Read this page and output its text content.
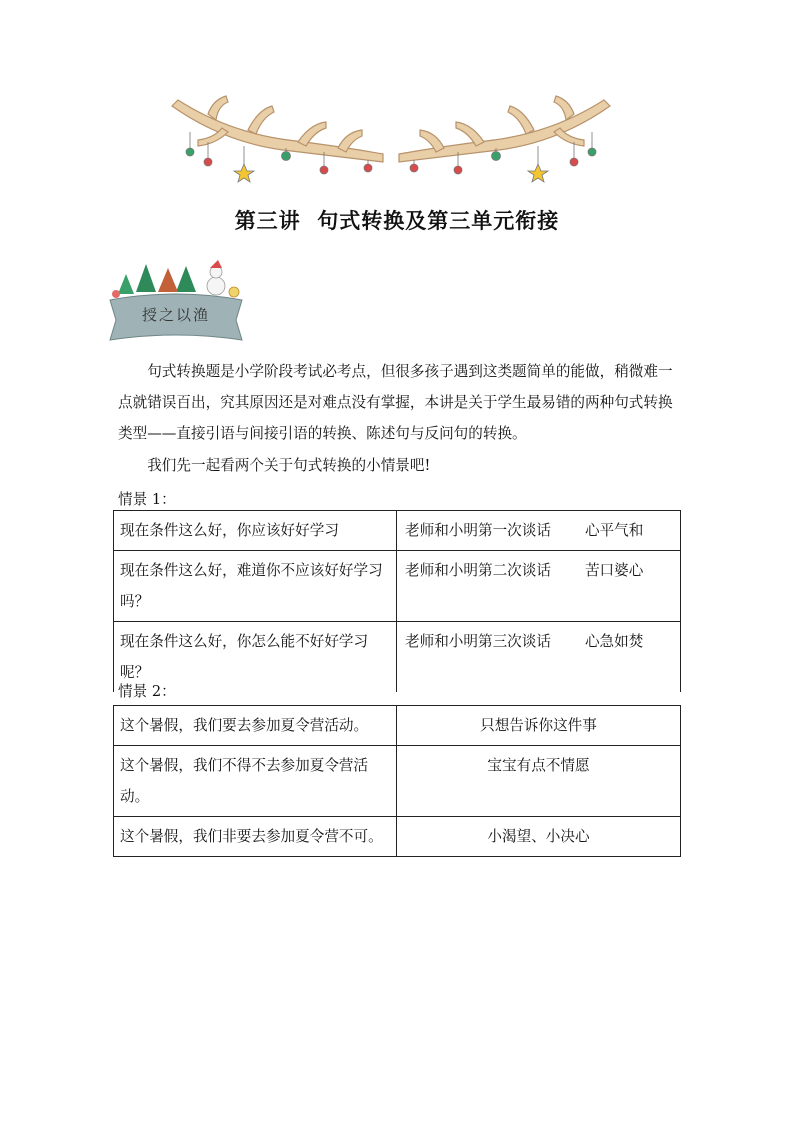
第三讲  句式转换及第三单元衔接
授之以渔

句式转换题是小学阶段考试必考点，但很多孩子遇到这类题简单的能做，稍微难一点就错误百出，究其原因还是对难点没有掌握，本讲是关于学生最易错的两种句式转换类型——直接引语与间接引语的转换、陈述句与反问句的转换。

我们先一起看两个关于句式转换的小情景吧!

情景 1：
现在条件这么好，你应该好好学习	老师和小明第一次谈话 心平气和
现在条件这么好，难道你不应该好好学习吗？	老师和小明第二次谈话 苦口婆心
现在条件这么好，你怎么能不好好学习呢？	老师和小明第三次谈话 心急如焚
情景 2：
这个暑假，我们要去参加夏令营活动。	只想告诉你这件事
这个暑假，我们不得不去参加夏令营活动。	宝宝有点不情愿
这个暑假，我们非要去参加夏令营不可。	小渴望、小决心
